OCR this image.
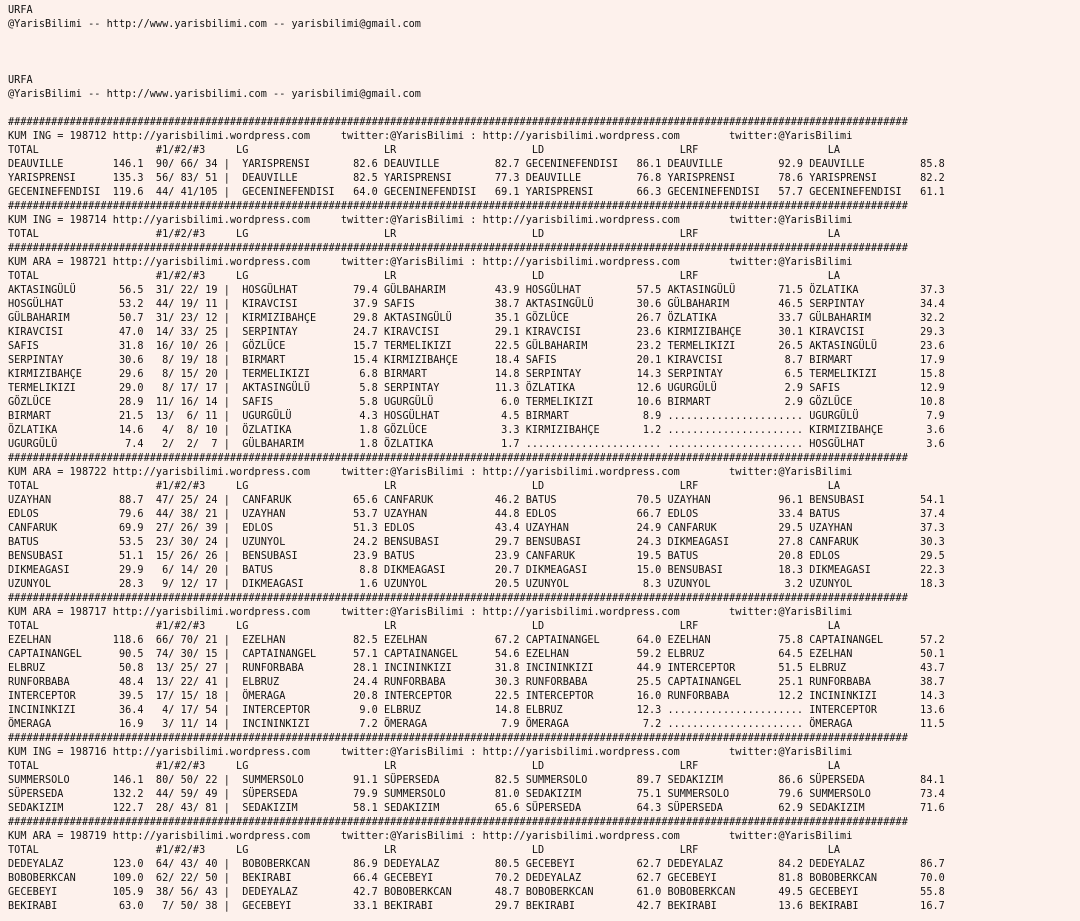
URFA
@YarisBilimi -- http://www.yarisbilimi.com -- yarisbilimi@gmail.com
URFA
@YarisBilimi -- http://www.yarisbilimi.com -- yarisbilimi@gmail.com
##################################################################################################################################################
KUM ING = 198712 http://yarisbilimi.wordpress.com     twitter:@YarisBilimi : http://yarisbilimi.wordpress.com        twitter:@YarisBilimi
TOTAL                   #1/#2/#3     LG                      LR                      LD                      LRF                     LA
DEAUVILLE        146.1  90/ 66/ 34 |  YARISPRENSI       82.6 DEAUVILLE         82.7 GECENINEFENDISI   86.1 DEAUVILLE         92.9 DEAUVILLE         85.8
YARISPRENSI      135.3  56/ 83/ 51 |  DEAUVILLE         82.5 YARISPRENSI       77.3 DEAUVILLE         76.8 YARISPRENSI       78.6 YARISPRENSI       82.2
GECENINEFENDISI  119.6  44/ 41/105 |  GECENINEFENDISI   64.0 GECENINEFENDISI   69.1 YARISPRENSI       66.3 GECENINEFENDISI   57.7 GECENINEFENDISI   61.1
##################################################################################################################################################
KUM ING = 198714 http://yarisbilimi.wordpress.com     twitter:@YarisBilimi : http://yarisbilimi.wordpress.com        twitter:@YarisBilimi
TOTAL                   #1/#2/#3     LG                      LR                      LD                      LRF                     LA
##################################################################################################################################################
KUM ARA = 198721 http://yarisbilimi.wordpress.com     twitter:@YarisBilimi : http://yarisbilimi.wordpress.com        twitter:@YarisBilimi
TOTAL                   #1/#2/#3     LG                      LR                      LD                      LRF                     LA
AKTASINGÜLÜ       56.5  31/ 22/ 19 |  HOSGÜLHAT         79.4 GÜLBAHARIM        43.9 HOSGÜLHAT         57.5 AKTASINGÜLÜ       71.5 ÖZLATIKA          37.3
HOSGÜLHAT         53.2  44/ 19/ 11 |  KIRAVCISI         37.9 SAFIS             38.7 AKTASINGÜLÜ       30.6 GÜLBAHARIM        46.5 SERPINTAY         34.4
GÜLBAHARIM        50.7  31/ 23/ 12 |  KIRMIZIBAHÇE      29.8 AKTASINGÜLÜ       35.1 GÖZLÜCE           26.7 ÖZLATIKA          33.7 GÜLBAHARIM        32.2
KIRAVCISI         47.0  14/ 33/ 25 |  SERPINTAY         24.7 KIRAVCISI         29.1 KIRAVCISI         23.6 KIRMIZIBAHÇE      30.1 KIRAVCISI         29.3
SAFIS             31.8  16/ 10/ 26 |  GÖZLÜCE           15.7 TERMELIKIZI       22.5 GÜLBAHARIM        23.2 TERMELIKIZI       26.5 AKTASINGÜLÜ       23.6
SERPINTAY         30.6   8/ 19/ 18 |  BIRMART           15.4 KIRMIZIBAHÇE      18.4 SAFIS             20.1 KIRAVCISI          8.7 BIRMART           17.9
KIRMIZIBAHÇE      29.6   8/ 15/ 20 |  TERMELIKIZI        6.8 BIRMART           14.8 SERPINTAY         14.3 SERPINTAY          6.5 TERMELIKIZI       15.8
TERMELIKIZI       29.0   8/ 17/ 17 |  AKTASINGÜLÜ        5.8 SERPINTAY         11.3 ÖZLATIKA          12.6 UGURGÜLÜ           2.9 SAFIS             12.9
GÖZLÜCE           28.9  11/ 16/ 14 |  SAFIS              5.8 UGURGÜLÜ           6.0 TERMELIKIZI       10.6 BIRMART            2.9 GÖZLÜCE           10.8
BIRMART           21.5  13/  6/ 11 |  UGURGÜLÜ           4.3 HOSGÜLHAT          4.5 BIRMART            8.9 ...................... UGURGÜLÜ           7.9
ÖZLATIKA          14.6   4/  8/ 10 |  ÖZLATIKA           1.8 GÖZLÜCE            3.3 KIRMIZIBAHÇE       1.2 ...................... KIRMIZIBAHÇE       3.6
UGURGÜLÜ           7.4   2/  2/  7 |  GÜLBAHARIM         1.8 ÖZLATIKA           1.7 ...................... ...................... HOSGÜLHAT          3.6
##################################################################################################################################################
KUM ARA = 198722 http://yarisbilimi.wordpress.com     twitter:@YarisBilimi : http://yarisbilimi.wordpress.com        twitter:@YarisBilimi
TOTAL                   #1/#2/#3     LG                      LR                      LD                      LRF                     LA
UZAYHAN           88.7  47/ 25/ 24 |  CANFARUK          65.6 CANFARUK          46.2 BATUS             70.5 UZAYHAN           96.1 BENSUBASI         54.1
EDLOS             79.6  44/ 38/ 21 |  UZAYHAN           53.7 UZAYHAN           44.8 EDLOS             66.7 EDLOS             33.4 BATUS             37.4
CANFARUK          69.9  27/ 26/ 39 |  EDLOS             51.3 EDLOS             43.4 UZAYHAN           24.9 CANFARUK          29.5 UZAYHAN           37.3
BATUS             53.5  23/ 30/ 24 |  UZUNYOL           24.2 BENSUBASI         29.7 BENSUBASI         24.3 DIKMEAGASI        27.8 CANFARUK          30.3
BENSUBASI         51.1  15/ 26/ 26 |  BENSUBASI         23.9 BATUS             23.9 CANFARUK          19.5 BATUS             20.8 EDLOS             29.5
DIKMEAGASI        29.9   6/ 14/ 20 |  BATUS              8.8 DIKMEAGASI        20.7 DIKMEAGASI        15.0 BENSUBASI         18.3 DIKMEAGASI        22.3
UZUNYOL           28.3   9/ 12/ 17 |  DIKMEAGASI         1.6 UZUNYOL           20.5 UZUNYOL            8.3 UZUNYOL            3.2 UZUNYOL           18.3
##################################################################################################################################################
KUM ARA = 198717 http://yarisbilimi.wordpress.com     twitter:@YarisBilimi : http://yarisbilimi.wordpress.com        twitter:@YarisBilimi
TOTAL                   #1/#2/#3     LG                      LR                      LD                      LRF                     LA
EZELHAN          118.6  66/ 70/ 21 |  EZELHAN           82.5 EZELHAN           67.2 CAPTAINANGEL      64.0 EZELHAN           75.8 CAPTAINANGEL      57.2
CAPTAINANGEL      90.5  74/ 30/ 15 |  CAPTAINANGEL      57.1 CAPTAINANGEL      54.6 EZELHAN           59.2 ELBRUZ            64.5 EZELHAN           50.1
ELBRUZ            50.8  13/ 25/ 27 |  RUNFORBABA        28.1 INCININKIZI       31.8 INCININKIZI       44.9 INTERCEPTOR       51.5 ELBRUZ            43.7
RUNFORBABA        48.4  13/ 22/ 41 |  ELBRUZ            24.4 RUNFORBABA        30.3 RUNFORBABA        25.5 CAPTAINANGEL      25.1 RUNFORBABA        38.7
INTERCEPTOR       39.5  17/ 15/ 18 |  ÖMERAGA           20.8 INTERCEPTOR       22.5 INTERCEPTOR       16.0 RUNFORBABA        12.2 INCININKIZI       14.3
INCININKIZI       36.4   4/ 17/ 54 |  INTERCEPTOR        9.0 ELBRUZ            14.8 ELBRUZ            12.3 ...................... INTERCEPTOR       13.6
ÖMERAGA           16.9   3/ 11/ 14 |  INCININKIZI        7.2 ÖMERAGA            7.9 ÖMERAGA            7.2 ...................... ÖMERAGA           11.5
##################################################################################################################################################
KUM ING = 198716 http://yarisbilimi.wordpress.com     twitter:@YarisBilimi : http://yarisbilimi.wordpress.com        twitter:@YarisBilimi
TOTAL                   #1/#2/#3     LG                      LR                      LD                      LRF                     LA
SUMMERSOLO       146.1  80/ 50/ 22 |  SUMMERSOLO        91.1 SÜPERSEDA         82.5 SUMMERSOLO        89.7 SEDAKIZIM         86.6 SÜPERSEDA         84.1
SÜPERSEDA        132.2  44/ 59/ 49 |  SÜPERSEDA         79.9 SUMMERSOLO        81.0 SEDAKIZIM         75.1 SUMMERSOLO        79.6 SUMMERSOLO        73.4
SEDAKIZIM        122.7  28/ 43/ 81 |  SEDAKIZIM         58.1 SEDAKIZIM         65.6 SÜPERSEDA         64.3 SÜPERSEDA         62.9 SEDAKIZIM         71.6
##################################################################################################################################################
KUM ARA = 198719 http://yarisbilimi.wordpress.com     twitter:@YarisBilimi : http://yarisbilimi.wordpress.com        twitter:@YarisBilimi
TOTAL                   #1/#2/#3     LG                      LR                      LD                      LRF                     LA
DEDEYALAZ        123.0  64/ 43/ 40 |  BOBOBERKCAN       86.9 DEDEYALAZ         80.5 GECEBEYI          62.7 DEDEYALAZ         84.2 DEDEYALAZ         86.7
BOBOBERKCAN      109.0  62/ 22/ 50 |  BEKIRABI          66.4 GECEBEYI          70.2 DEDEYALAZ         62.7 GECEBEYI          81.8 BOBOBERKCAN       70.0
GECEBEYI         105.9  38/ 56/ 43 |  DEDEYALAZ         42.7 BOBOBERKCAN       48.7 BOBOBERKCAN       61.0 BOBOBERKCAN       49.5 GECEBEYI          55.8
BEKIRABI          63.0   7/ 50/ 38 |  GECEBEYI          33.1 BEKIRABI          29.7 BEKIRABI          42.7 BEKIRABI          13.6 BEKIRABI          16.7
